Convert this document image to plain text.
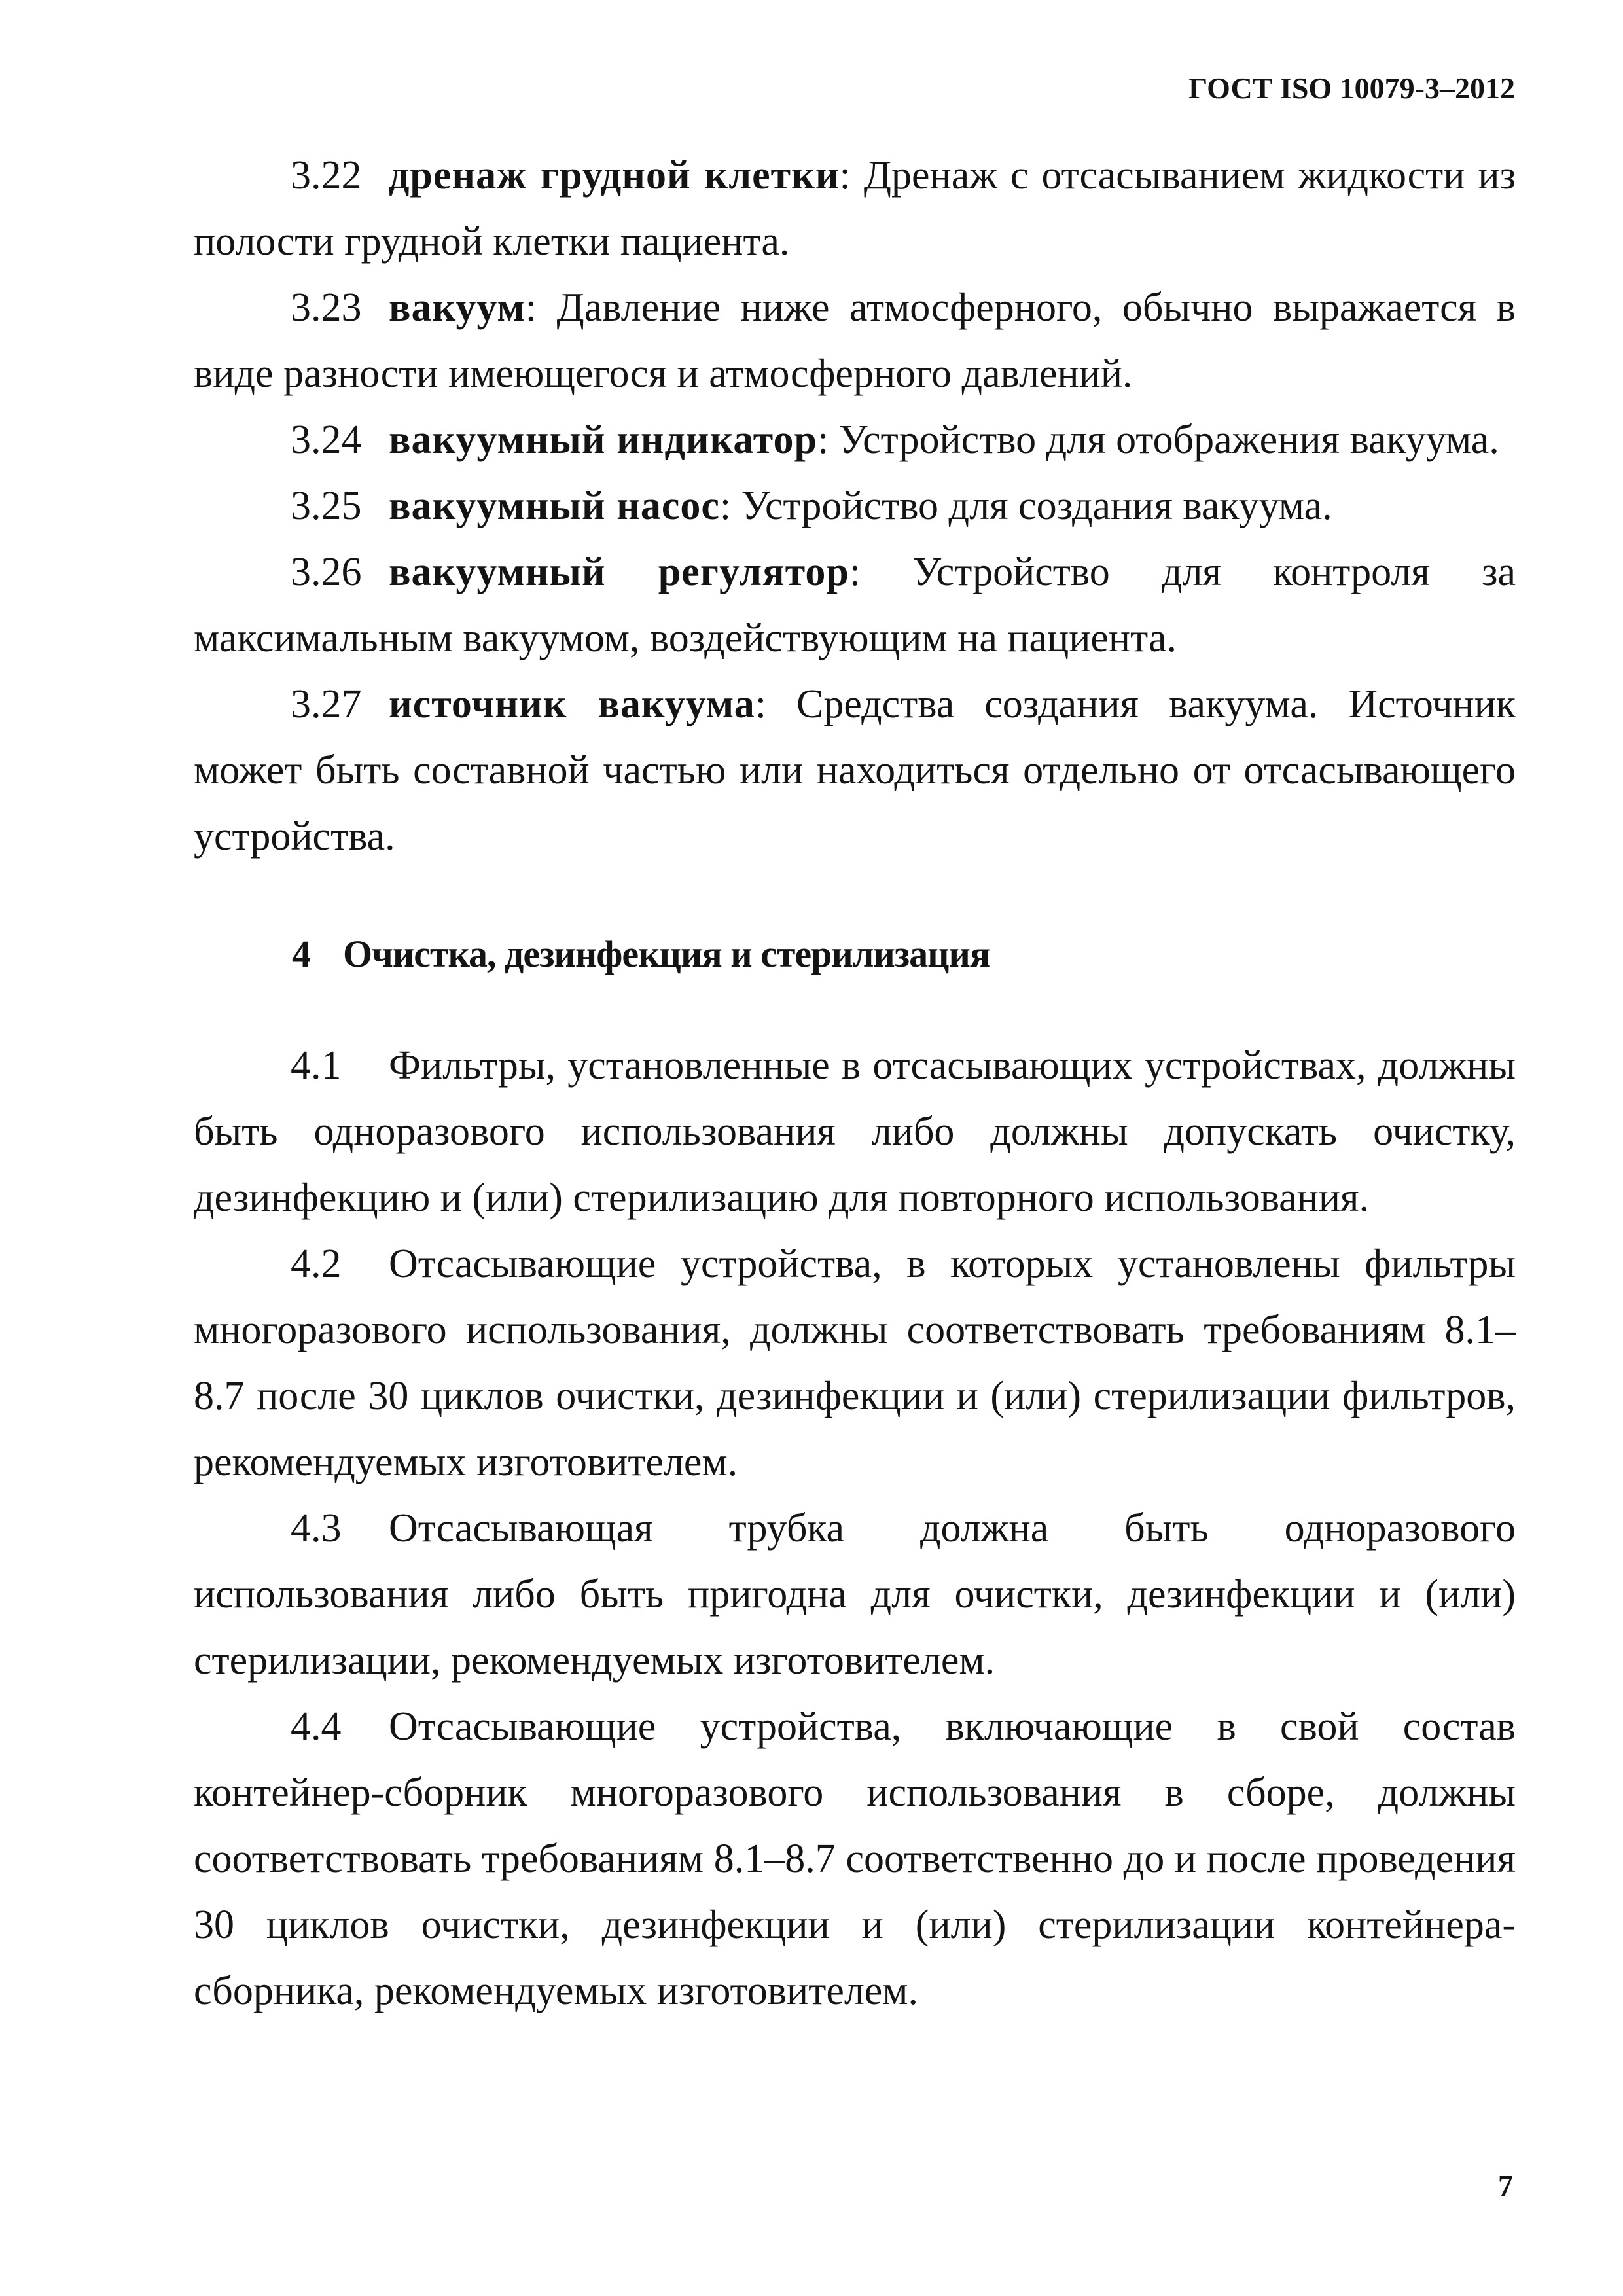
ГОСТ ISO 10079-3–2012

3.22 дренаж грудной клетки: Дренаж с отсасыванием жидкости из полости грудной клетки пациента.

3.23 вакуум: Давление ниже атмосферного, обычно выражается в виде разности имеющегося и атмосферного давлений.

3.24 вакуумный индикатор: Устройство для отображения вакуума.

3.25 вакуумный насос: Устройство для создания вакуума.

3.26 вакуумный регулятор: Устройство для контроля за максимальным вакуумом, воздействующим на пациента.

3.27 источник вакуума: Средства создания вакуума. Источник может быть составной частью или находиться отдельно от отсасывающего устройства.

4 Очистка, дезинфекция и стерилизация

4.1 Фильтры, установленные в отсасывающих устройствах, должны быть одноразового использования либо должны допускать очистку, дезинфекцию и (или) стерилизацию для повторного использования.

4.2 Отсасывающие устройства, в которых установлены фильтры многоразового использования, должны соответствовать требованиям 8.1–8.7 после 30 циклов очистки, дезинфекции и (или) стерилизации фильтров, рекомендуемых изготовителем.

4.3 Отсасывающая трубка должна быть одноразового использования либо быть пригодна для очистки, дезинфекции и (или) стерилизации, рекомендуемых изготовителем.

4.4 Отсасывающие устройства, включающие в свой состав контейнер-сборник многоразового использования в сборе, должны соответствовать требованиям 8.1–8.7 соответственно до и после проведения 30 циклов очистки, дезинфекции и (или) стерилизации контейнера-сборника, рекомендуемых изготовителем.

7
